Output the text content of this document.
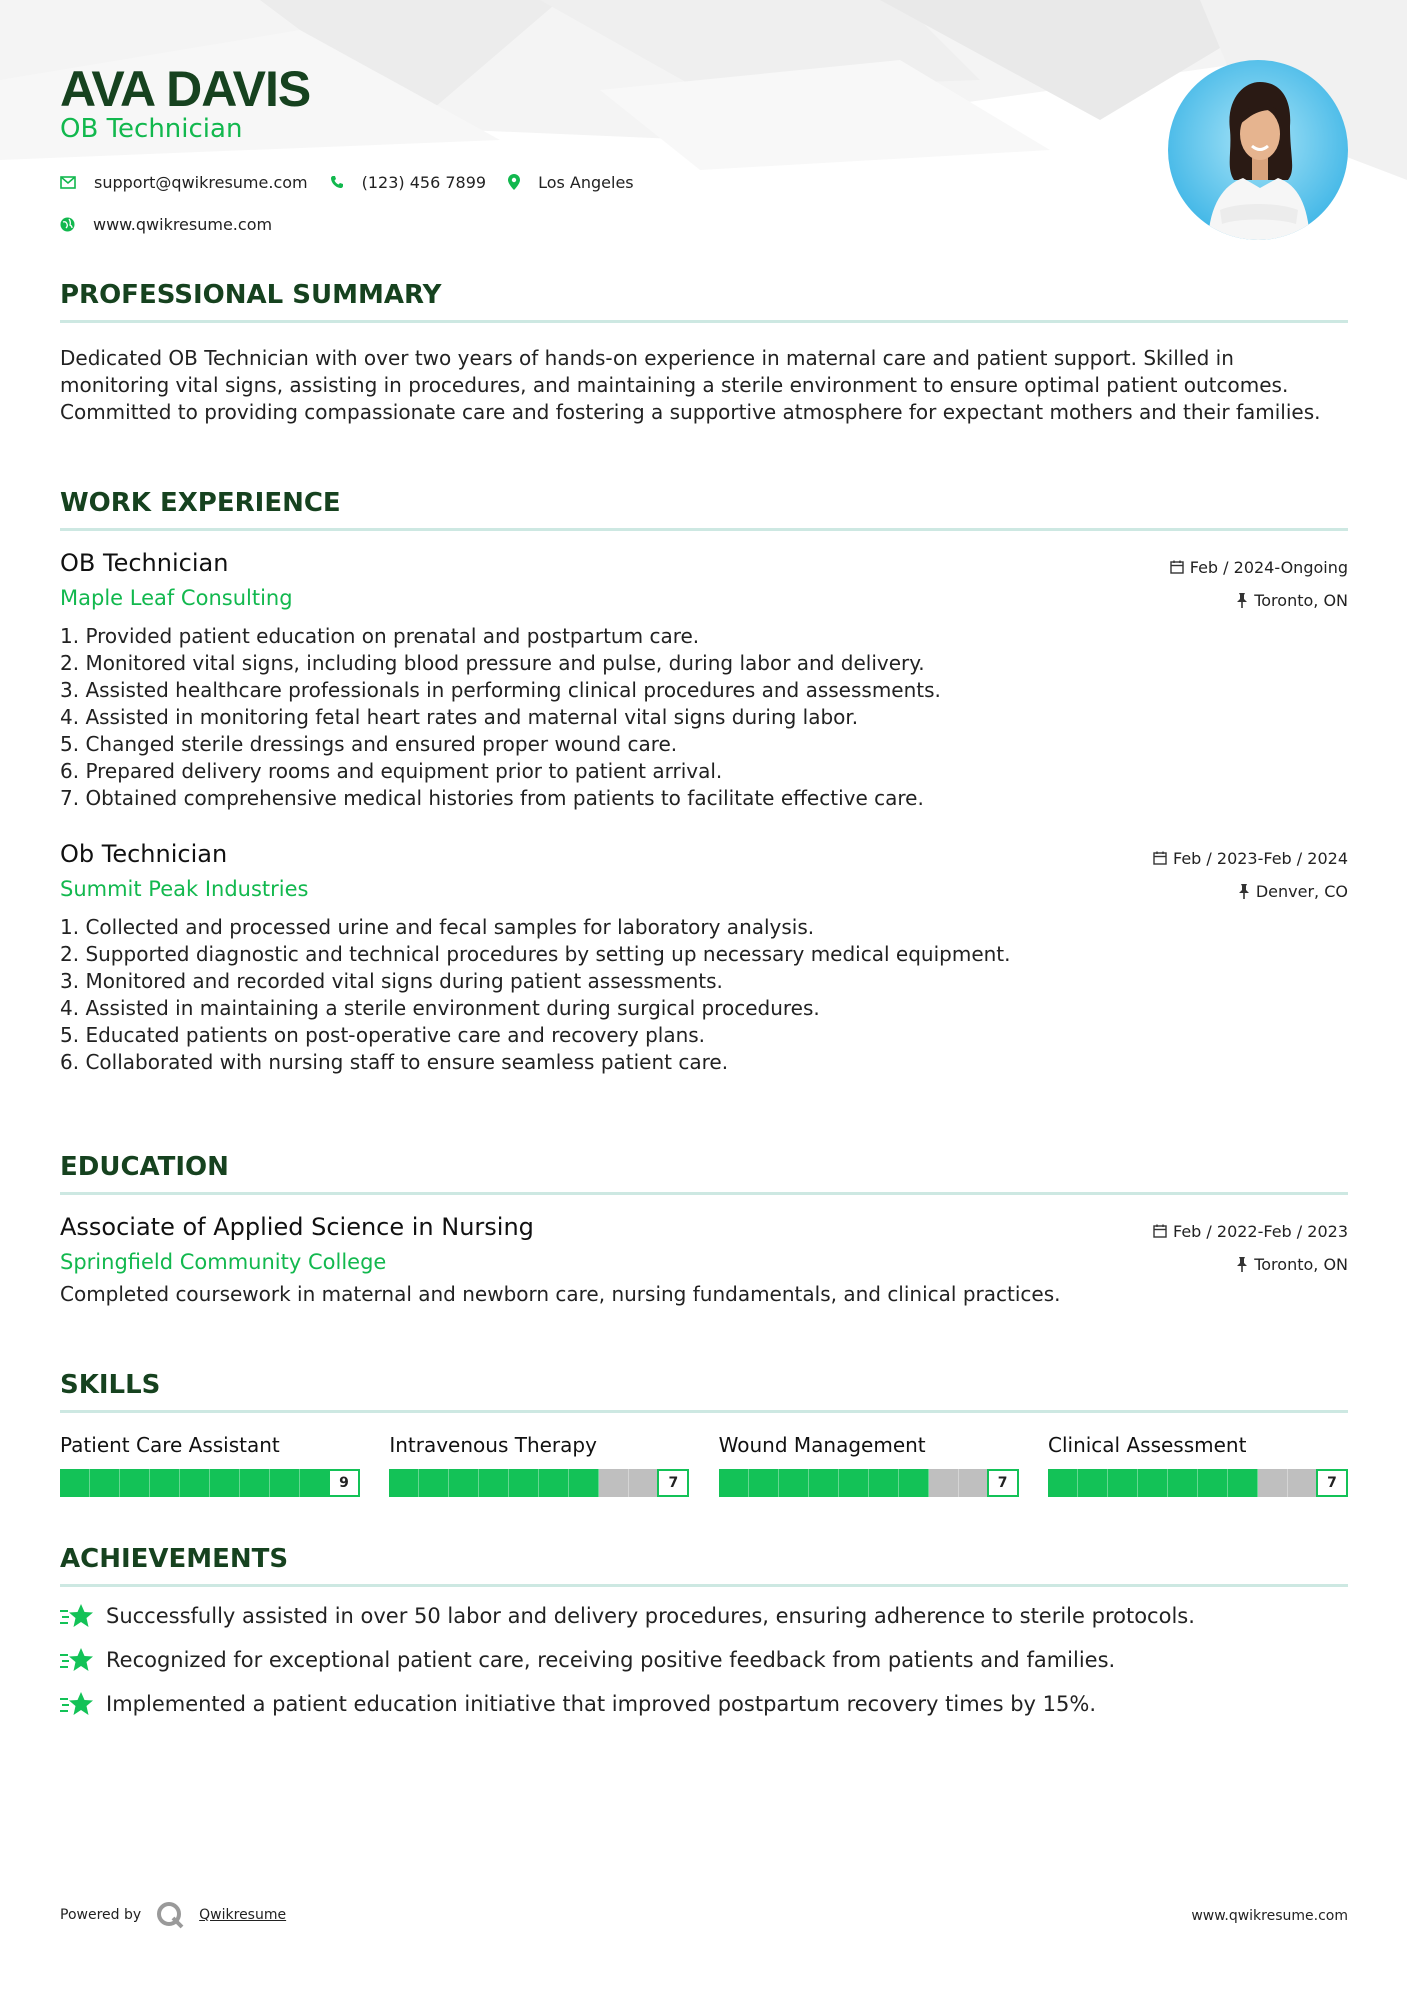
AVA DAVIS
OB Technician
support@qwikresume.com	(123) 456 7899	Los Angeles
www.qwikresume.com
PROFESSIONAL SUMMARY

Dedicated OB Technician with over two years of hands-on experience in maternal care and patient support. Skilled in monitoring vital signs, assisting in procedures, and maintaining a sterile environment to ensure optimal patient outcomes. Committed to providing compassionate care and fostering a supportive atmosphere for expectant mothers and their families.

WORK EXPERIENCE
OB Technician
Maple Leaf Consulting
Feb / 2024-Ongoing
Toronto, ON
1. Provided patient education on prenatal and postpartum care.
2. Monitored vital signs, including blood pressure and pulse, during labor and delivery.
3. Assisted healthcare professionals in performing clinical procedures and assessments.
4. Assisted in monitoring fetal heart rates and maternal vital signs during labor.
5. Changed sterile dressings and ensured proper wound care.
6. Prepared delivery rooms and equipment prior to patient arrival.
7. Obtained comprehensive medical histories from patients to facilitate effective care.
Ob Technician
Summit Peak Industries
Feb / 2023-Feb / 2024
Denver, CO
1. Collected and processed urine and fecal samples for laboratory analysis.
2. Supported diagnostic and technical procedures by setting up necessary medical equipment.
3. Monitored and recorded vital signs during patient assessments.
4. Assisted in maintaining a sterile environment during surgical procedures.
5. Educated patients on post-operative care and recovery plans.
6. Collaborated with nursing staff to ensure seamless patient care.
EDUCATION
Associate of Applied Science in Nursing
Springfield Community College
Feb / 2022-Feb / 2023
Toronto, ON

Completed coursework in maternal and newborn care, nursing fundamentals, and clinical practices.

SKILLS
Patient Care Assistant
9
Intravenous Therapy
7
Wound Management
7
Clinical Assessment
7
ACHIEVEMENTS
Successfully assisted in over 50 labor and delivery procedures, ensuring adherence to sterile protocols.
Recognized for exceptional patient care, receiving positive feedback from patients and families.
Implemented a patient education initiative that improved postpartum recovery times by 15%.
Powered by	Qwikresume	www.qwikresume.com
